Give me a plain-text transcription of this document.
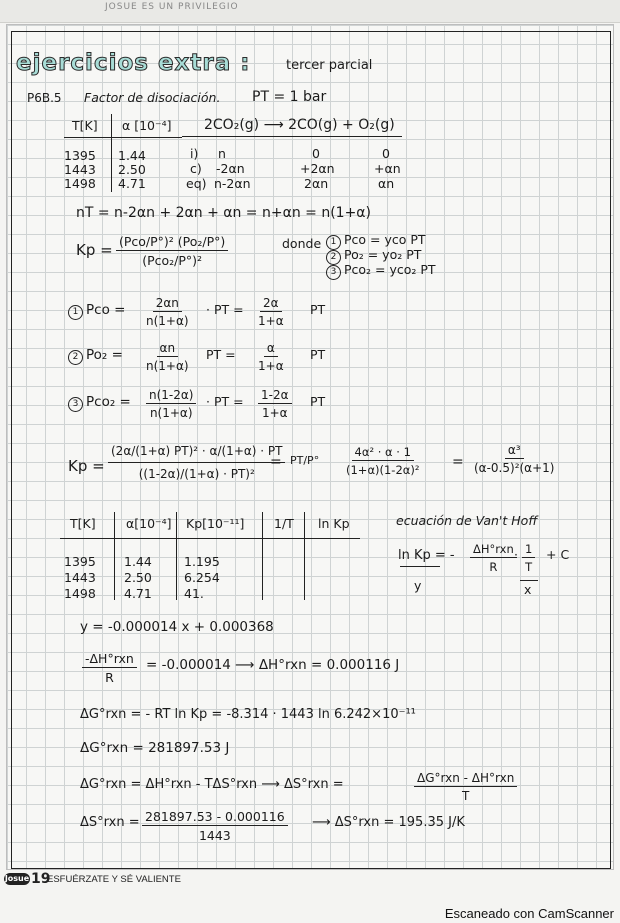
JOSUE ES UN PRIVILEGIO
ejercicios extra :	tercer parcial
P6B.5 Factor de disociación. PT = 1 bar
T[K] α [10⁻⁴]
1395 1.44
1443 2.50
1498 4.71
2CO₂(g) ⟶ 2CO(g) + O₂(g)
i) n	0	0
c) -2αn	+2αn	+αn
eq) n-2αn	2αn	αn
nT = n-2αn + 2αn + αn = n+αn = n(1+α)
Kp = (Pco/P°)² (Po₂/P°)
(Pco₂/P°)²
donde	1 Pco = yco PT
2 Po₂ = yo₂ PT
3 Pco₂ = yco₂ PT
1 Pco = $\frac{2\alpha n}{n(1+\alpha)}$ · PT = $\frac{2\alpha}{1+\alpha}$ PT
2 $Po_2 = \frac{\alpha n}{n(1+\alpha)}$ PT = $\frac{\alpha}{1+\alpha}$ PT
3 $Pco_2 = \frac{n(1-2\alpha)}{n(1+\alpha)}$ · PT = $\frac{1-2\alpha}{1+\alpha}$ PT
$Kp = \frac{\text{(2α/(1+α) PT)² · α/(1+α) · PT}}{\text{((1-2α)/(1+α) · PT)²}}$
= $PT/P^\circ \frac{\text{4α² · α · 1}}{\text{(1+α)(1-2α)²}} = \frac{\text{α³}}{\text{(α-0.5)²(α+1)}}$
T[K] α[10⁻⁴] Kp[10⁻¹¹] 1/T ln Kp
1395 1.44	1.195
1443 2.50	6.254
1498 4.71	41.
ecuación de Van't Hoff
ln Kp = - ΔH°rxn
R
· $\frac{1}{T} + C$
y	x
y = -0.000014 x + 0.000368
-ΔH°rxn
R
= -0.000014 ⟶ ΔH°rxn = 0.000116 J
ΔG°rxn = - RT ln Kp = -8.314 · 1443 ln 6.242×10⁻¹¹
ΔG°rxn = 281897.53 J
ΔG°rxn = ΔH°rxn - TΔS°rxn ⟶ ΔS°rxn =	ΔG°rxn - ΔH°rxn
T
$\Delta S^\circ rxn = \frac{281897.53 - 0.000116}{1443}$ ⟶ ΔS°rxn = 195.35 J/K
Josue 19
ESFUÉRZATE Y SÉ VALIENTE
Escaneado con CamScanner
